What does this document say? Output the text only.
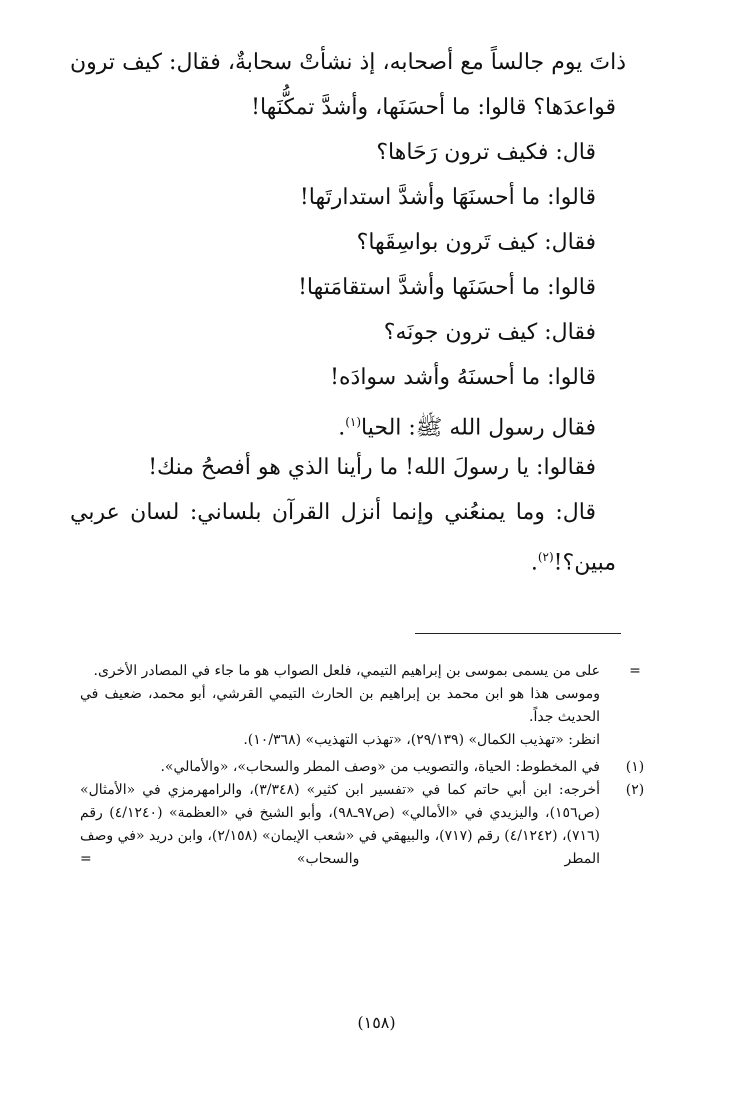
ذاتَ يوم جالساً مع أصحابه، إذ نشأتْ سحابةٌ، فقال: كيف ترون
قواعدَها؟ قالوا: ما أحسَنَها، وأشدَّ تمكُّنَها!
قال: فكيف ترون رَحَاها؟
قالوا: ما أحسنَهَا وأشدَّ استدارتَها!
فقال: كيف تَرون بواسِقَها؟
قالوا: ما أحسَنَها وأشدَّ استقامَتها!
فقال: كيف ترون جونَه؟
قالوا: ما أحسنَهُ وأشد سوادَه!
فقال رسول الله ﷺ: الحيا$^{(١)}$.
فقالوا: يا رسولَ الله! ما رأينا الذي هو أفصحُ منك!
قال: وما يمنعُني وإنما أنزل القرآن بلساني: لسان عربي
مبين؟!$^{(٢)}$.
=
على من يسمى بموسى بن إبراهيم التيمي، فلعل الصواب هو ما جاء في المصادر الأخرى.
وموسى هذا هو ابن محمد بن إبراهيم بن الحارث التيمي القرشي، أبو محمد، ضعيف في الحديث جداً.
انظر: «تهذيب الكمال» (٢٩/١٣٩)، «تهذب التهذيب» (١٠/٣٦٨).
(١)
في المخطوط: الحياة، والتصويب من «وصف المطر والسحاب»، «والأمالي».
(٢)
أخرجه: ابن أبي حاتم كما في «تفسير ابن كثير» (٣/٣٤٨)، والرامهرمزي في «الأمثال» (ص١٥٦)، واليزيدي في «الأمالي» (ص٩٧ـ٩٨)، وأبو الشيخ في «العظمة» (٤/١٢٤٠) رقم (٧١٦)، (٤/١٢٤٢) رقم (٧١٧)، والبيهقي في «شعب الإيمان» (٢/١٥٨)، وابن دريد «في وصف المطر والسحاب» =
(١٥٨)
